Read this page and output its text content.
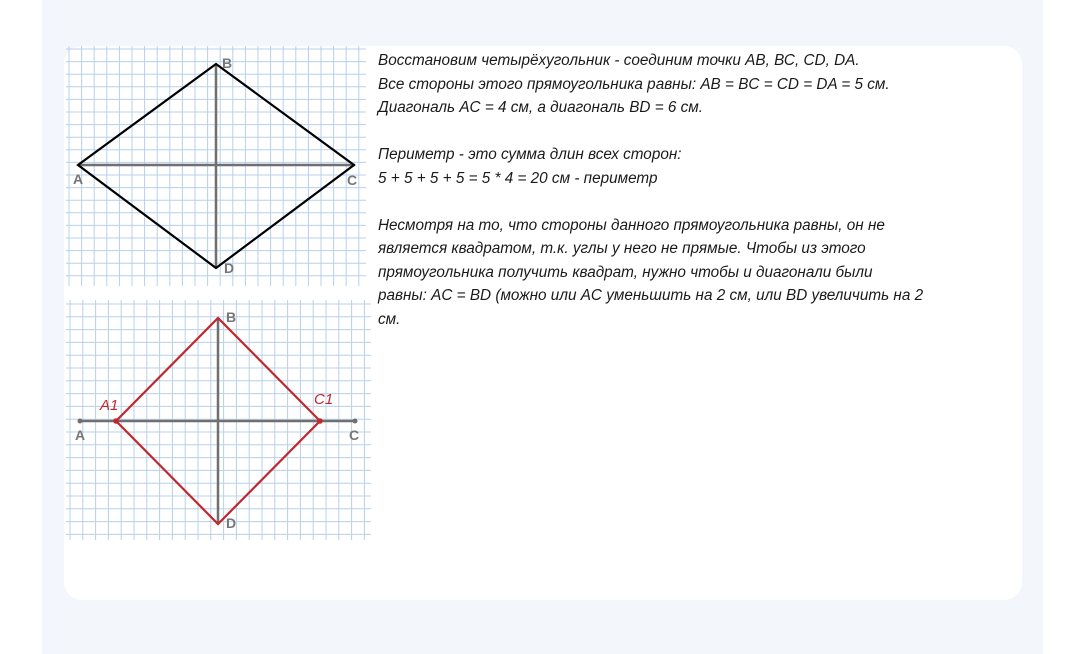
A
B
C
D
A
B
C
D
A1	C1

Восстановим четырёхугольник - соединим точки АВ, ВС, CD, DA.

Все стороны этого прямоугольника равны: AB = BC = CD = DA = 5 см.

Диагональ AC = 4 см, а диагональ BD = 6 см.

Периметр - это сумма длин всех сторон:

5 + 5 + 5 + 5 = 5 * 4 = 20 см - периметр

Несмотря на то, что стороны данного прямоугольника равны, он не

является квадратом, т.к. углы у него не прямые. Чтобы из этого

прямоугольника получить квадрат, нужно чтобы и диагонали были

равны: AC = BD (можно или AC уменьшить на 2 см, или BD увеличить на 2

см.
